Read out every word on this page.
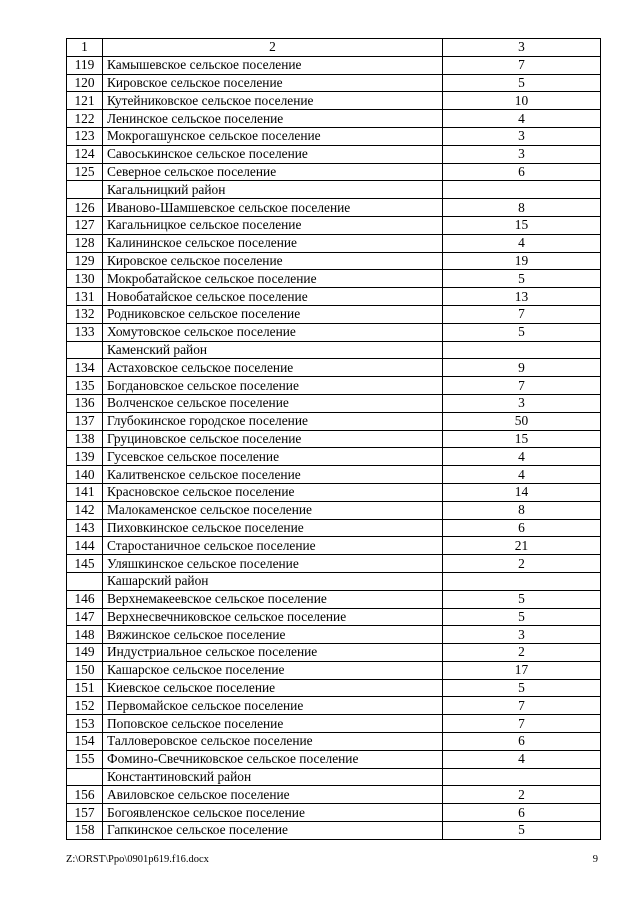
1	2	3
119	Камышевское сельское поселение	7
120	Кировское сельское поселение	5
121	Кутейниковское сельское поселение	10
122	Ленинское сельское поселение	4
123	Мокрогашунское сельское поселение	3
124	Савоськинское сельское поселение	3
125	Северное сельское поселение	6
	Кагальницкий район	
126	Иваново-Шамшевское сельское поселение	8
127	Кагальницкое сельское поселение	15
128	Калининское сельское поселение	4
129	Кировское сельское поселение	19
130	Мокробатайское сельское поселение	5
131	Новобатайское сельское поселение	13
132	Родниковское сельское поселение	7
133	Хомутовское сельское поселение	5
	Каменский район	
134	Астаховское сельское поселение	9
135	Богдановское сельское поселение	7
136	Волченское сельское поселение	3
137	Глубокинское городское поселение	50
138	Груциновское сельское поселение	15
139	Гусевское сельское поселение	4
140	Калитвенское сельское поселение	4
141	Красновское сельское поселение	14
142	Малокаменское сельское поселение	8
143	Пиховкинское сельское поселение	6
144	Старостаничное сельское поселение	21
145	Уляшкинское сельское поселение	2
	Кашарский район	
146	Верхнемакеевское сельское поселение	5
147	Верхнесвечниковское сельское поселение	5
148	Вяжинское сельское поселение	3
149	Индустриальное сельское поселение	2
150	Кашарское сельское поселение	17
151	Киевское сельское поселение	5
152	Первомайское сельское поселение	7
153	Поповское сельское поселение	7
154	Талловеровское сельское поселение	6
155	Фомино-Свечниковское сельское поселение	4
	Константиновский район	
156	Авиловское сельское поселение	2
157	Богоявленское сельское поселение	6
158	Гапкинское сельское поселение	5
Z:\ORST\Ppo\0901p619.f16.docx	9
